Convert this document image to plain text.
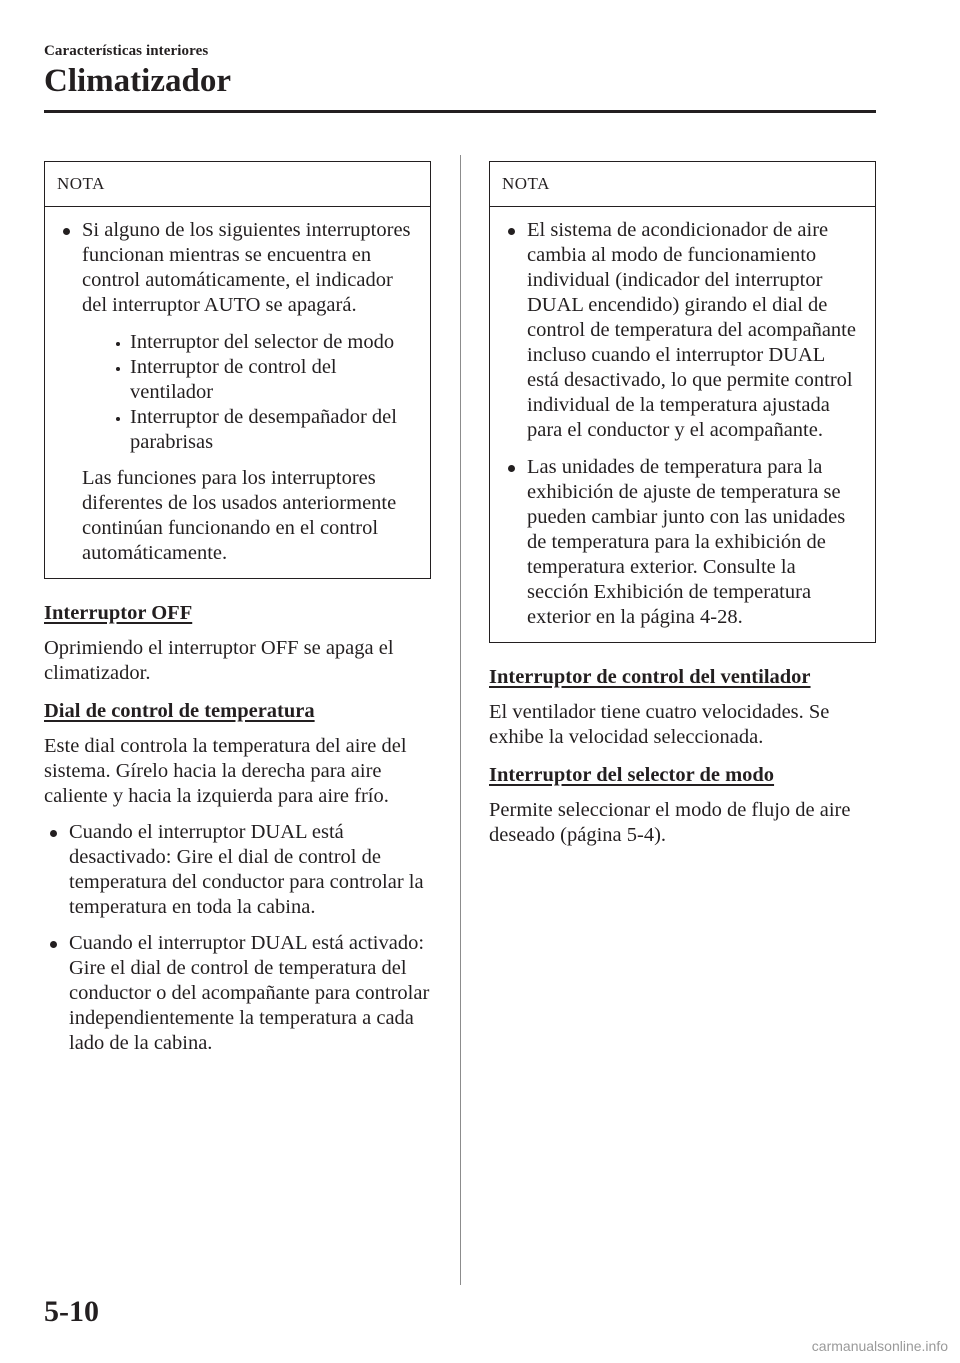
Características interiores
Climatizador
NOTA

Si alguno de los siguientes interruptores funcionan mientras se encuentra en control automáticamente, el indicador del interruptor AUTO se apagará.

Interruptor del selector de modo
Interruptor de control del ventilador
Interruptor de desempañador del parabrisas

Las funciones para los interruptores diferentes de los usados anteriormente continúan funcionando en el control automáticamente.

Interruptor OFF

Oprimiendo el interruptor OFF se apaga el climatizador.

Dial de control de temperatura

Este dial controla la temperatura del aire del sistema. Gírelo hacia la derecha para aire caliente y hacia la izquierda para aire frío.

Cuando el interruptor DUAL está desactivado: Gire el dial de control de temperatura del conductor para controlar la temperatura en toda la cabina.

Cuando el interruptor DUAL está activado: Gire el dial de control de temperatura del conductor o del acompañante para controlar independientemente la temperatura a cada lado de la cabina.

NOTA

El sistema de acondicionador de aire cambia al modo de funcionamiento individual (indicador del interruptor DUAL encendido) girando el dial de control de temperatura del acompañante incluso cuando el interruptor DUAL está desactivado, lo que permite control individual de la temperatura ajustada para el conductor y el acompañante.

Las unidades de temperatura para la exhibición de ajuste de temperatura se pueden cambiar junto con las unidades de temperatura para la exhibición de temperatura exterior. Consulte la sección Exhibición de temperatura exterior en la página 4-28.

Interruptor de control del ventilador

El ventilador tiene cuatro velocidades. Se exhibe la velocidad seleccionada.

Interruptor del selector de modo

Permite seleccionar el modo de flujo de aire deseado (página 5-4).

5-10
carmanualsonline.info
